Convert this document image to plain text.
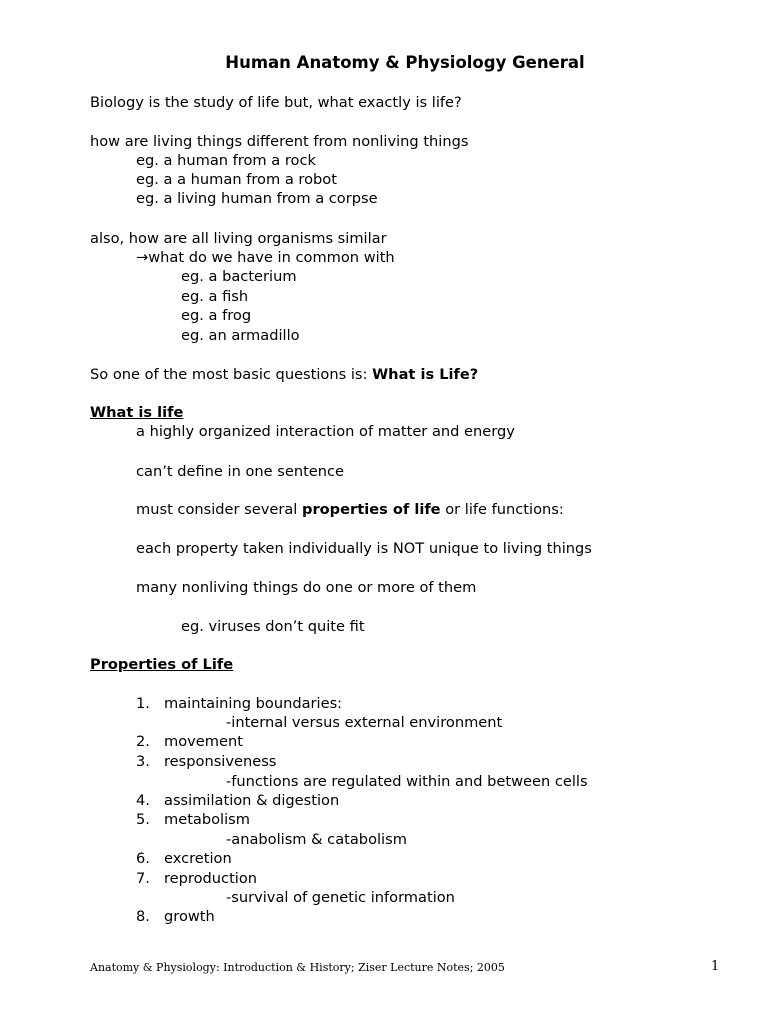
Human Anatomy & Physiology General
Biology is the study of life but, what exactly is life?
how are living things different from nonliving things
eg. a human from a rock
eg. a a human from a robot
eg. a living human from a corpse
also, how are all living organisms similar
→what do we have in common with
eg. a bacterium
eg. a fish
eg. a frog
eg. an armadillo
So one of the most basic questions is: What is Life?
What is life
a highly organized interaction of matter and energy
can’t define in one sentence
must consider several properties of life or life functions:
each property taken individually is NOT unique to living things
many nonliving things do one or more of them
eg. viruses don’t quite fit
Properties of Life
1. maintaining boundaries:
-internal versus external environment
2. movement
3. responsiveness
-functions are regulated within and between cells
4. assimilation & digestion
5. metabolism
-anabolism & catabolism
6. excretion
7. reproduction
-survival of genetic information
8. growth
Anatomy & Physiology: Introduction & History; Ziser Lecture Notes; 2005	1
